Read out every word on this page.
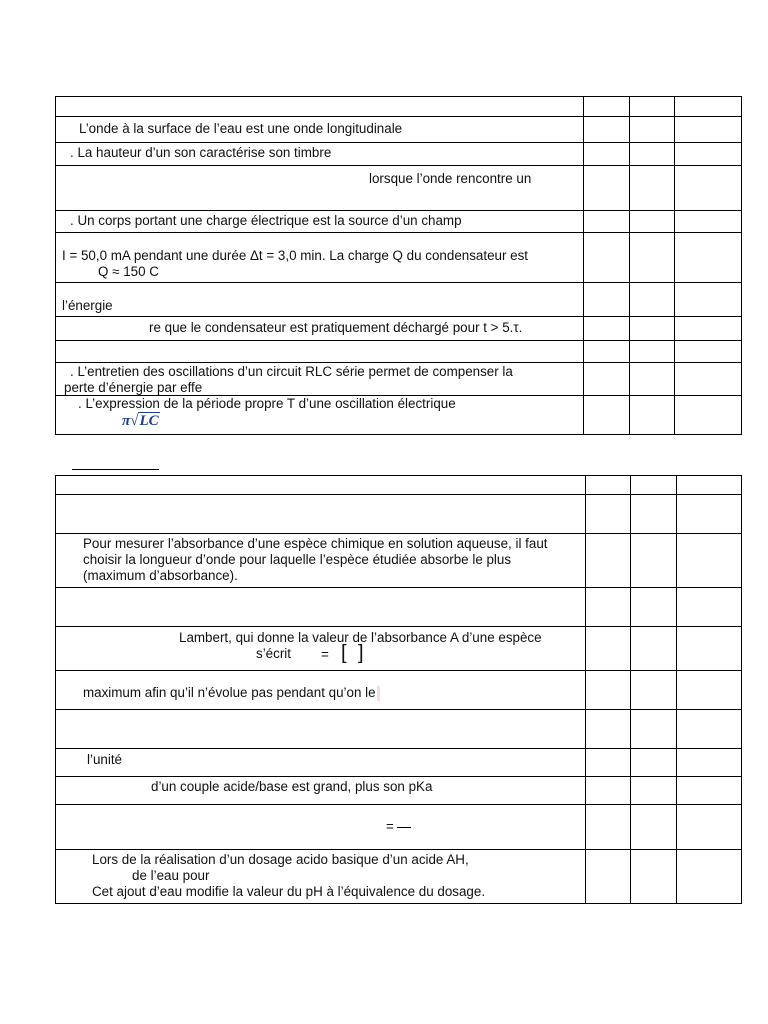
L’onde à la surface de l’eau est une onde longitudinale			

. La hauteur d’un son caractérise son timbre			

lorsque l’onde rencontre un			

. Un corps portant une charge électrique est la source d’un champ			

I = 50,0 mA pendant une durée Δt = 3,0 min. La charge Q du condensateur est
Q ≈ 150 C			

l’énergie			

re que le condensateur est pratiquement déchargé pour t > 5.τ.			

. L’entretien des oscillations d’un circuit RLC série permet de compenser la
perte d’énergie par effe			

. L’expression de la période propre T d’une oscillation électrique
π√LC			

Pour mesurer l’absorbance d’une espèce chimique en solution aqueuse, il faut
choisir la longueur d’onde pour laquelle l’espèce étudiée absorbe le plus
(maximum d’absorbance).			

Lambert, qui donne la valeur de l’absorbance A d’une espèce
s’écrit = [ ]			

maximum afin qu’il n’évolue pas pendant qu’on le			

l’unité			

d’un couple acide/base est grand, plus son pKa			

=			

Lors de la réalisation d’un dosage acido basique d’un acide AH,
de l’eau pour
Cet ajout d’eau modifie la valeur du pH à l’équivalence du dosage.			
